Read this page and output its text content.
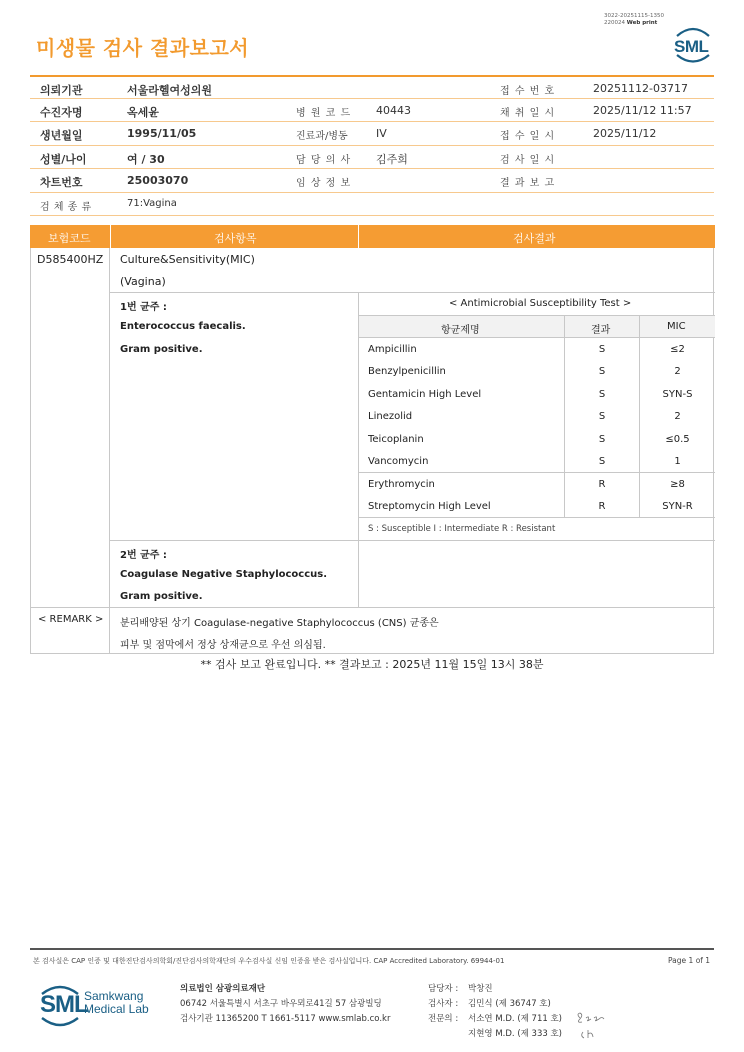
3022-20251115-1350
220024 Web print
미생물 검사 결과보고서	SML
의뢰기관	서울라헬여성의원	접 수 번 호	20251112-03717
수진자명	옥세윤	병 원 코 드 40443	채 취 일 시	2025/11/12 11:57
생년월일	1995/11/05	진료과/병동	IV	접 수 일 시	2025/11/12
성별/나이	여 / 30	담 당 의 사 김주희	검 사 일 시
차트번호	25003070	임 상 정 보	결 과 보 고
검 체 종 류	71:Vagina
보험코드	검사항목	검사결과
D585400HZ Culture&Sensitivity(MIC)
(Vagina)
1번 균주 :
Enterococcus faecalis.
Gram positive.
< Antimicrobial Susceptibility Test >
항균제명	결과	MIC
Ampicillin	S	≤2
Benzylpenicillin	S	2
Gentamicin High Level	S	SYN-S
Linezolid	S	2
Teicoplanin	S	≤0.5
Vancomycin	S	1
Erythromycin	R	≥8
Streptomycin High Level	R	SYN-R
S : Susceptible I : Intermediate R : Resistant
2번 균주 :
Coagulase Negative Staphylococcus.
Gram positive.
< REMARK > 분리배양된 상기 Coagulase-negative Staphylococcus (CNS) 균종은
피부 및 점막에서 정상 상재균으로 우선 의심됨.
** 검사 보고 완료입니다. ** 결과보고 : 2025년 11월 15일 13시 38분
본 검사실은 CAP 인증 및 대한진단검사의학회/진단검사의학재단의 우수검사실 신임 인증을 받은 검사실입니다. CAP Accredited Laboratory. 69944-01	Page 1 of 1
SML
Samkwang
Medical Lab
의료법인 삼광의료재단
06742 서울특별시 서초구 바우뫼로41길 57 삼광빌딩
검사기관 11365200 T 1661-5117 www.smlab.co.kr
담당자 : 박창진
검사자 : 김민식 (제 36747 호)
전문의 : 서소연 M.D. (제 711 호)
지현영 M.D. (제 333 호)
